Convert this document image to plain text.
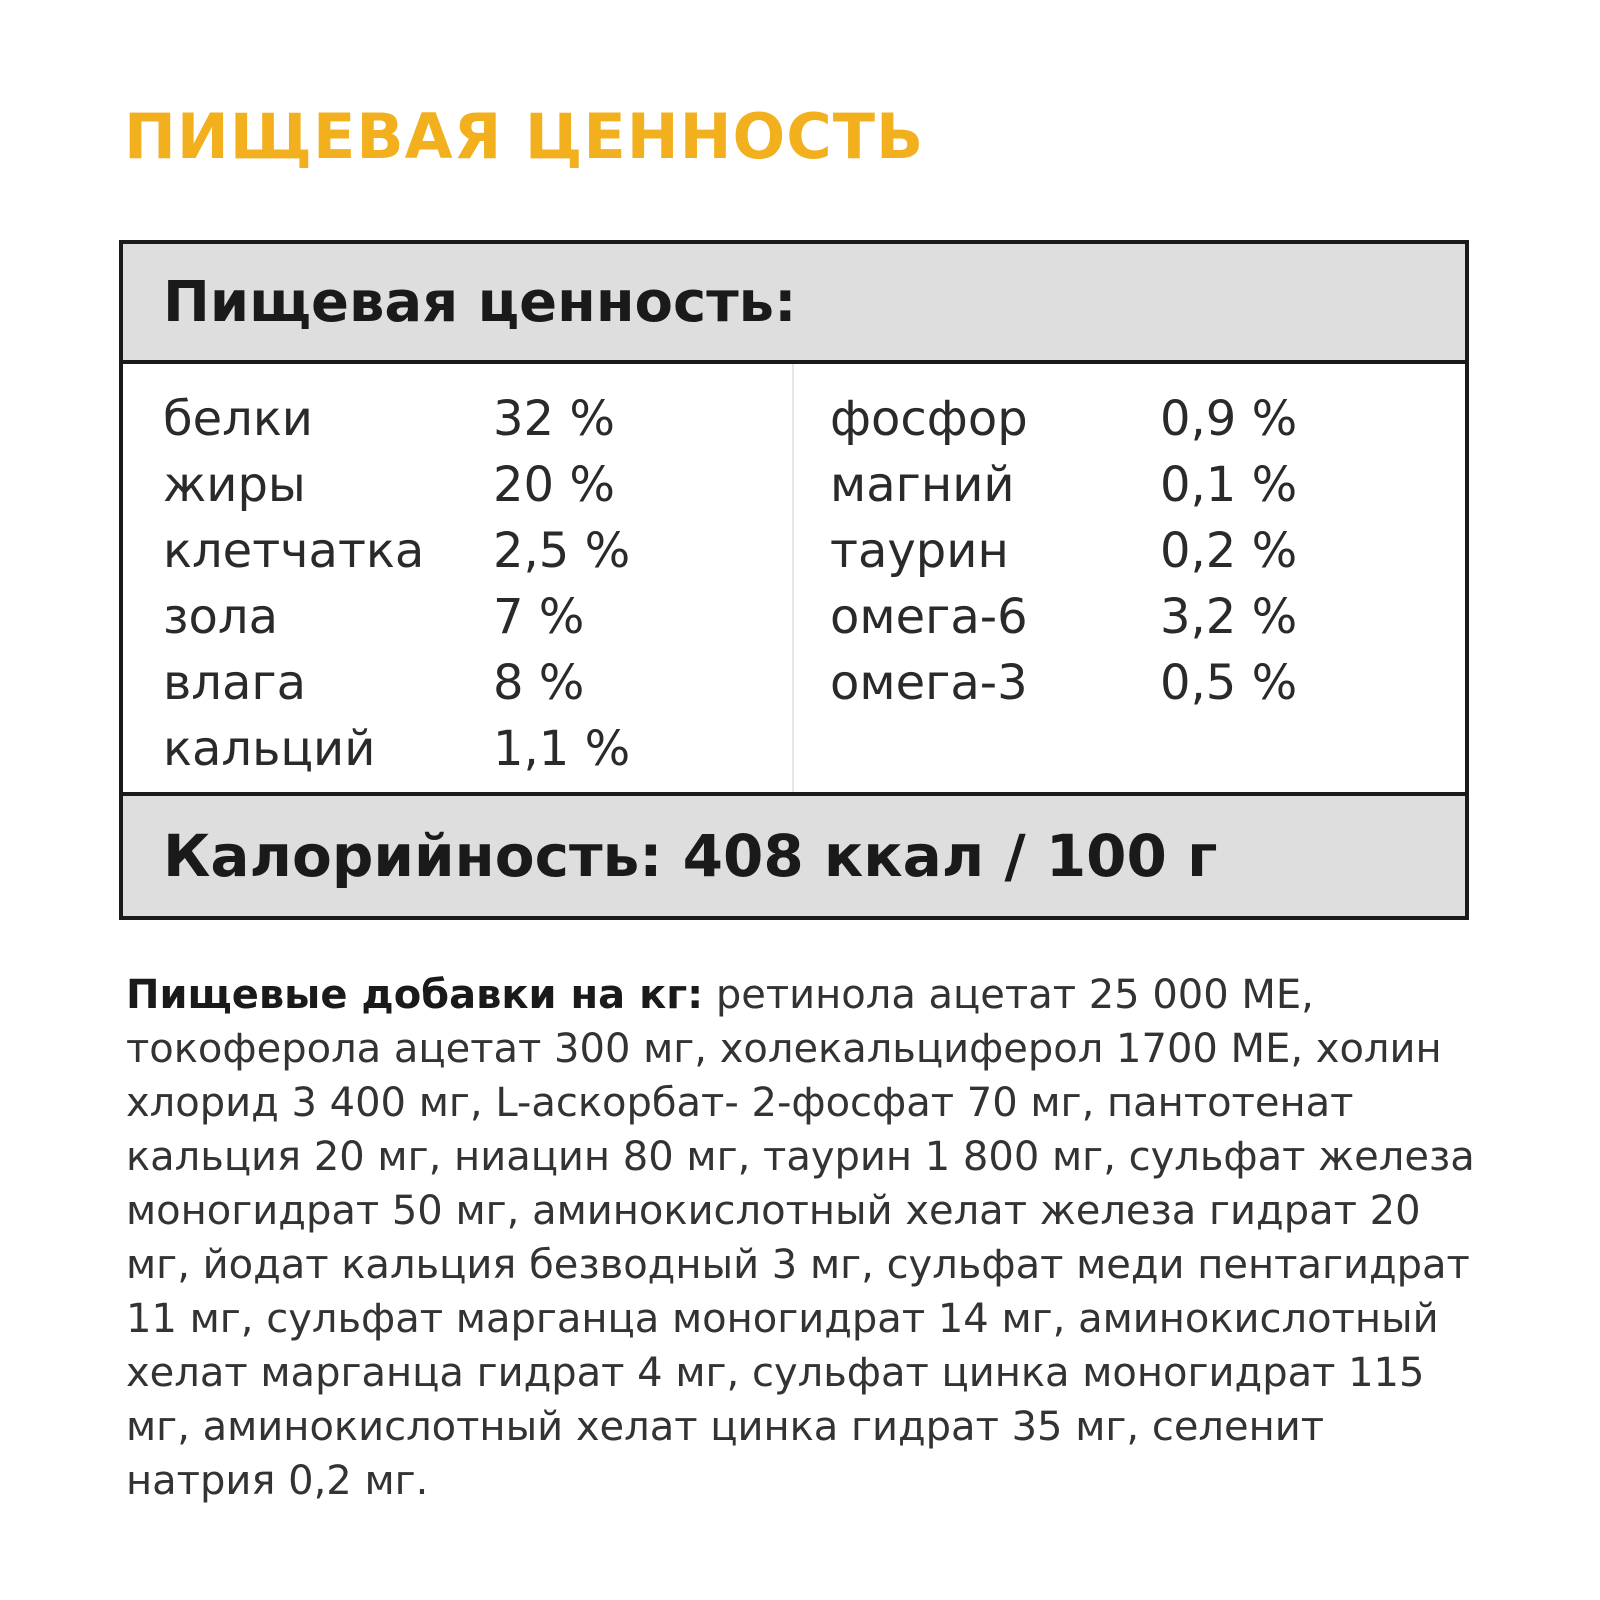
ПИЩЕВАЯ ЦЕННОСТЬ
Пищевая ценность:
белки	32 %
жиры	20 %
клетчатка	2,5 %
зола	7 %
влага	8 %
кальций	1,1 %
фосфор	0,9 %
магний	0,1 %
таурин	0,2 %
омега-6	3,2 %
омега-3	0,5 %
Калорийность: 408 ккал / 100 г

Пищевые добавки на кг: ретинола ацетат 25 000 МЕ, токоферола ацетат 300 мг, холекальциферол 1700 МЕ, холин хлорид 3 400 мг, L-аскорбат- 2-фосфат 70 мг, пантотенат кальция 20 мг, ниацин 80 мг, таурин 1 800 мг, сульфат железа моногидрат 50 мг, аминокислотный хелат железа гидрат 20 мг, йодат кальция безводный 3 мг, сульфат меди пентагидрат 11 мг, сульфат марганца моногидрат 14 мг, аминокислотный хелат марганца гидрат 4 мг, сульфат цинка моногидрат 115 мг, аминокислотный хелат цинка гидрат 35 мг, селенит натрия 0,2 мг.
